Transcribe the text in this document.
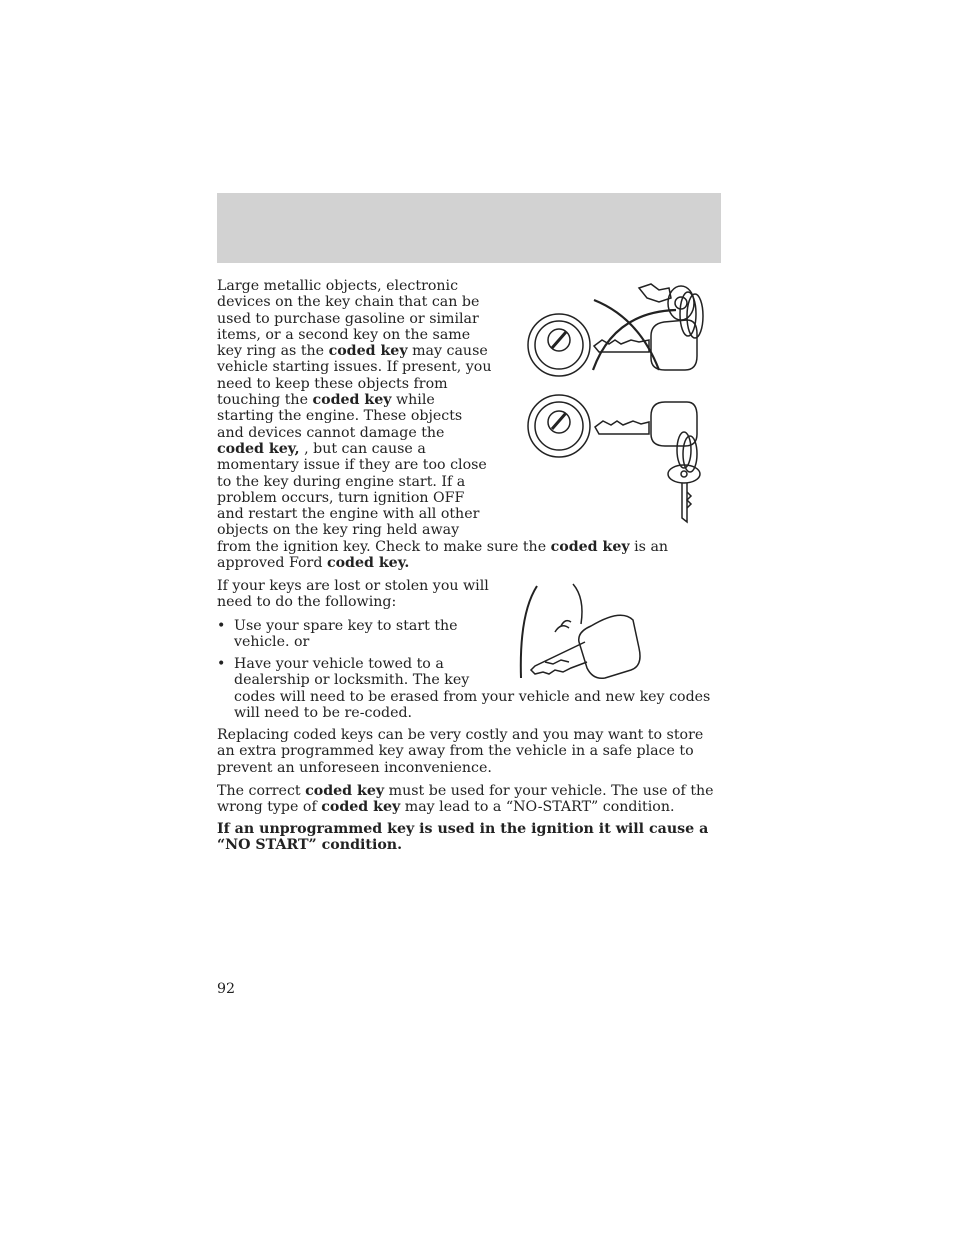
Large metallic objects, electronic devices on the key chain that can be used to purchase gasoline or similar items, or a second key on the same key ring as the coded key may cause vehicle starting issues. If present, you need to keep these objects from touching the coded key while starting the engine. These objects and devices cannot damage the coded key, , but can cause a momentary issue if they are too close to the key during engine start. If a problem occurs, turn ignition OFF and restart the engine with all other objects on the key ring held away from the ignition key. Check to make sure the coded key is an approved Ford coded key.

If your keys are lost or stolen you will need to do the following:

• Use your spare key to start the vehicle. or
• Have your vehicle towed to a dealership or locksmith. The key codes will need to be erased from your vehicle and new key codes will need to be re-coded.

Replacing coded keys can be very costly and you may want to store an extra programmed key away from the vehicle in a safe place to prevent an unforeseen inconvenience.

The correct coded key must be used for your vehicle. The use of the wrong type of coded key may lead to a “NO-START” condition.

If an unprogrammed key is used in the ignition it will cause a “NO START” condition.

92
